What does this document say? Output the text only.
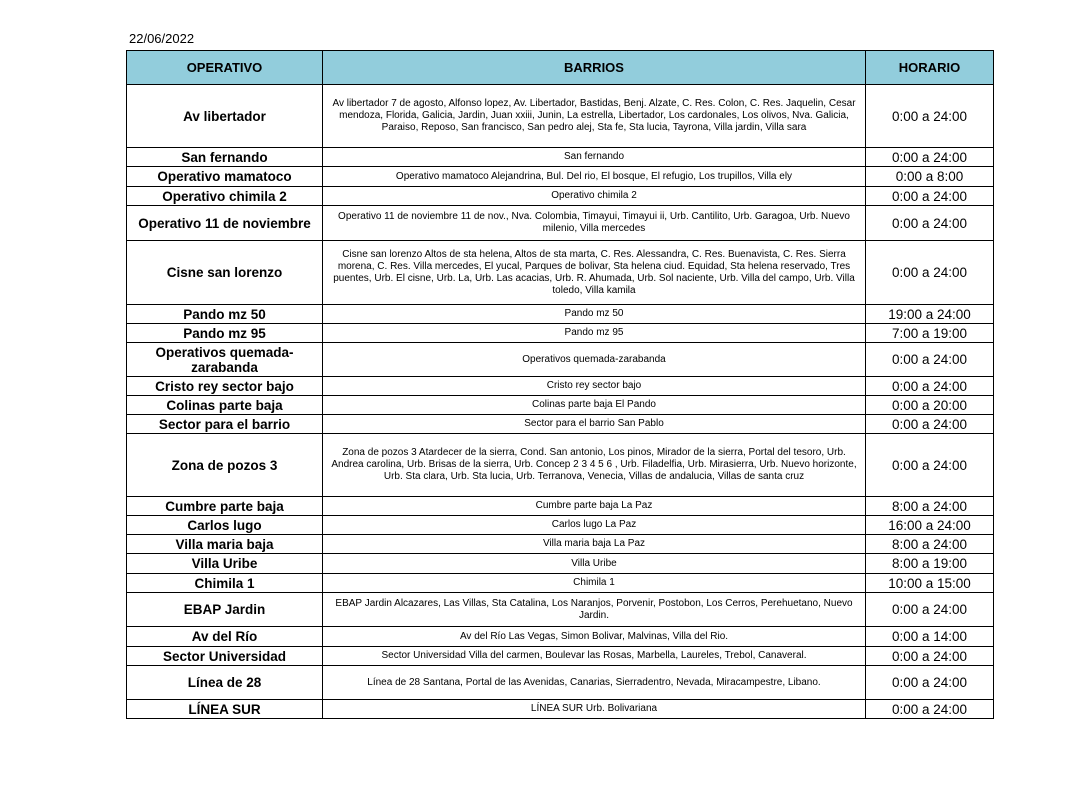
22/06/2022
OPERATIVO	BARRIOS	HORARIO
Av libertador	Av libertador 7 de agosto, Alfonso lopez, Av. Libertador, Bastidas, Benj. Alzate, C. Res. Colon, C. Res. Jaquelin, Cesar mendoza, Florida, Galicia, Jardin, Juan xxiii, Junin, La estrella, Libertador, Los cardonales, Los olivos, Nva. Galicia, Paraiso, Reposo, San francisco, San pedro alej, Sta fe, Sta lucia, Tayrona, Villa jardin, Villa sara	0:00 a 24:00
San fernando	San fernando	0:00 a 24:00
Operativo mamatoco	Operativo mamatoco Alejandrina, Bul. Del rio, El bosque, El refugio, Los trupillos, Villa ely	0:00 a 8:00
Operativo chimila 2	Operativo chimila 2	0:00 a 24:00
Operativo 11 de noviembre	Operativo 11 de noviembre 11 de nov., Nva. Colombia, Timayui, Timayui ii, Urb. Cantilito, Urb. Garagoa, Urb. Nuevo milenio, Villa mercedes	0:00 a 24:00
Cisne san lorenzo	Cisne san lorenzo Altos de sta helena, Altos de sta marta, C. Res. Alessandra, C. Res. Buenavista, C. Res. Sierra morena, C. Res. Villa mercedes, El yucal, Parques de bolivar, Sta helena ciud. Equidad, Sta helena reservado, Tres puentes, Urb. El cisne, Urb. La, Urb. Las acacias, Urb. R. Ahumada, Urb. Sol naciente, Urb. Villa del campo, Urb. Villa toledo, Villa kamila	0:00 a 24:00
Pando mz 50	Pando mz 50	19:00 a 24:00
Pando mz 95	Pando mz 95	7:00 a 19:00
Operativos quemada-zarabanda	Operativos quemada-zarabanda	0:00 a 24:00
Cristo rey sector bajo	Cristo rey sector bajo	0:00 a 24:00
Colinas parte baja	Colinas parte baja El Pando	0:00 a 20:00
Sector para el barrio	Sector para el barrio San Pablo	0:00 a 24:00
Zona de pozos 3	Zona de pozos 3 Atardecer de la sierra, Cond. San antonio, Los pinos, Mirador de la sierra, Portal del tesoro, Urb. Andrea carolina, Urb. Brisas de la sierra, Urb. Concep 2 3 4 5 6 , Urb. Filadelfia, Urb. Mirasierra, Urb. Nuevo horizonte, Urb. Sta clara, Urb. Sta lucia, Urb. Terranova, Venecia, Villas de andalucia, Villas de santa cruz	0:00 a 24:00
Cumbre parte baja	Cumbre parte baja La Paz	8:00 a 24:00
Carlos lugo	Carlos lugo La Paz	16:00 a 24:00
Villa maria baja	Villa maria baja La Paz	8:00 a 24:00
Villa Uribe	Villa Uribe	8:00 a 19:00
Chimila 1	Chimila 1	10:00 a 15:00
EBAP Jardin	EBAP Jardin Alcazares, Las Villas, Sta Catalina, Los Naranjos, Porvenir, Postobon, Los Cerros, Perehuetano, Nuevo Jardin.	0:00 a 24:00
Av del Río	Av del Río Las Vegas, Simon Bolivar, Malvinas, Villa del Rio.	0:00 a 14:00
Sector Universidad	Sector Universidad Villa del carmen, Boulevar las Rosas, Marbella, Laureles, Trebol, Canaveral.	0:00 a 24:00
Línea de 28	Línea de 28 Santana, Portal de las Avenidas, Canarias, Sierradentro, Nevada, Miracampestre, Libano.	0:00 a 24:00
LÍNEA SUR	LÍNEA SUR Urb. Bolivariana	0:00 a 24:00
